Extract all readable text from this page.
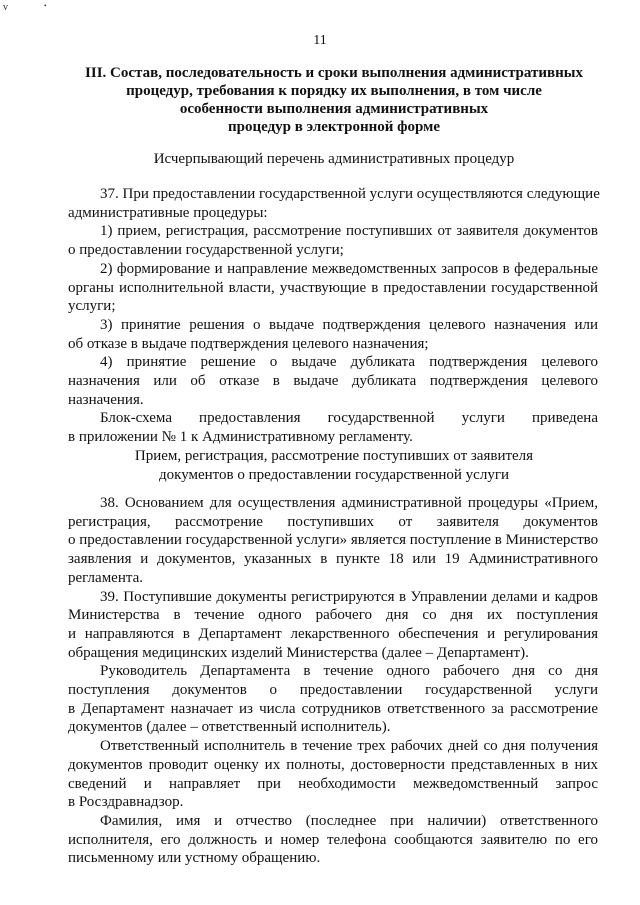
v	•
11
III. Состав, последовательность и сроки выполнения административных
процедур, требования к порядку их выполнения, в том числе
особенности выполнения административных
процедур в электронной форме
Исчерпывающий перечень административных процедур
37. При предоставлении государственной услуги осуществляются следующие
административные процедуры:
1) прием, регистрация, рассмотрение поступивших от заявителя документов
о предоставлении государственной услуги;
2) формирование и направление межведомственных запросов в федеральные
органы исполнительной власти, участвующие в предоставлении государственной
услуги;
3) принятие решения о выдаче подтверждения целевого назначения или
об отказе в выдаче подтверждения целевого назначения;
4) принятие решение о выдаче дубликата подтверждения целевого
назначения или об отказе в выдаче дубликата подтверждения целевого
назначения.
Блок-схема предоставления государственной услуги приведена
в приложении № 1 к Административному регламенту.
Прием, регистрация, рассмотрение поступивших от заявителя
документов о предоставлении государственной услуги
38. Основанием для осуществления административной процедуры «Прием,
регистрация, рассмотрение поступивших от заявителя документов
о предоставлении государственной услуги» является поступление в Министерство
заявления и документов, указанных в пункте 18 или 19 Административного
регламента.
39. Поступившие документы регистрируются в Управлении делами и кадров
Министерства в течение одного рабочего дня со дня их поступления
и направляются в Департамент лекарственного обеспечения и регулирования
обращения медицинских изделий Министерства (далее – Департамент).
Руководитель Департамента в течение одного рабочего дня со дня
поступления документов о предоставлении государственной услуги
в Департамент назначает из числа сотрудников ответственного за рассмотрение
документов (далее – ответственный исполнитель).
Ответственный исполнитель в течение трех рабочих дней со дня получения
документов проводит оценку их полноты, достоверности представленных в них
сведений и направляет при необходимости межведомственный запрос
в Росздравнадзор.
Фамилия, имя и отчество (последнее при наличии) ответственного
исполнителя, его должность и номер телефона сообщаются заявителю по его
письменному или устному обращению.
